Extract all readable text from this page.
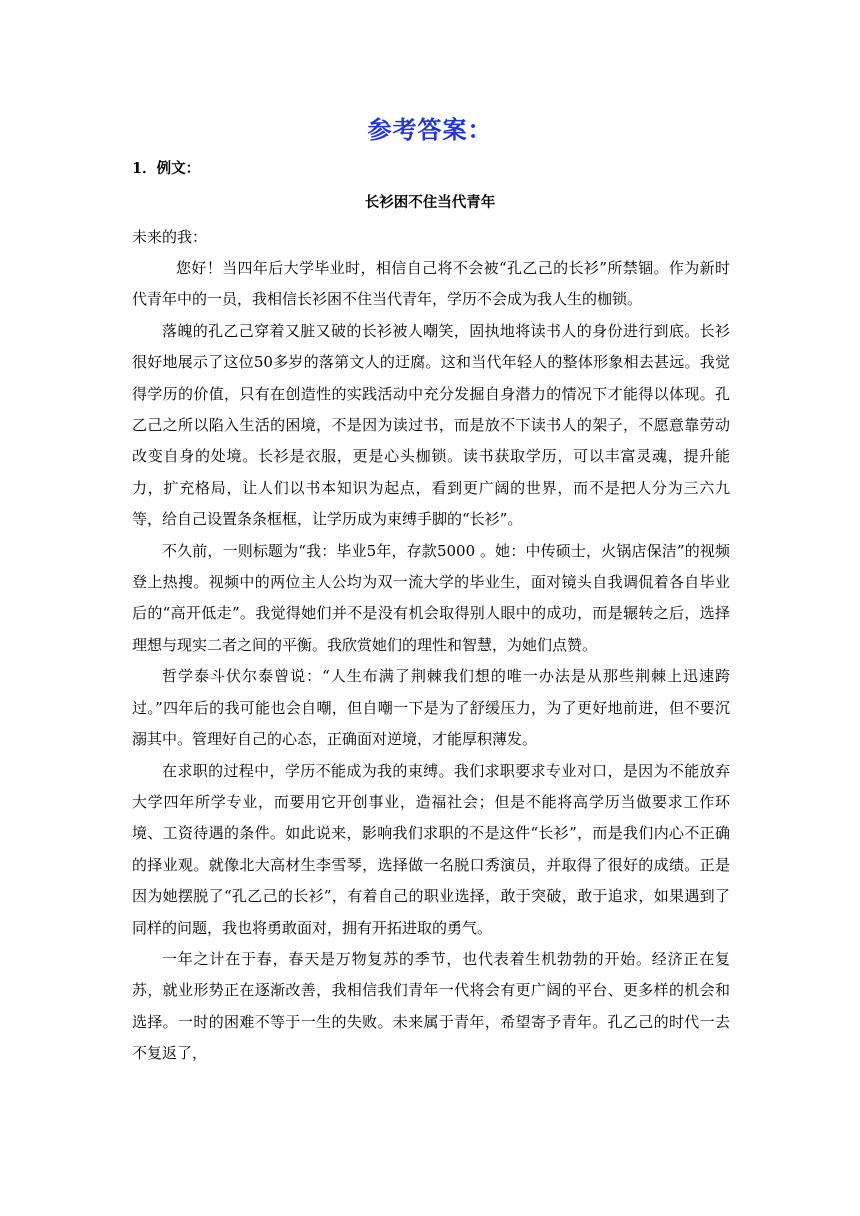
参考答案：
1．例文：
长衫困不住当代青年
未来的我：

您好！当四年后大学毕业时，相信自己将不会被“孔乙己的长衫”所禁锢。作为新时代青年中的一员，我相信长衫困不住当代青年，学历不会成为我人生的枷锁。

落魄的孔乙己穿着又脏又破的长衫被人嘲笑，固执地将读书人的身份进行到底。长衫很好地展示了这位50多岁的落第文人的迂腐。这和当代年轻人的整体形象相去甚远。我觉得学历的价值，只有在创造性的实践活动中充分发掘自身潜力的情况下才能得以体现。孔乙己之所以陷入生活的困境，不是因为读过书，而是放不下读书人的架子，不愿意靠劳动改变自身的处境。长衫是衣服，更是心头枷锁。读书获取学历，可以丰富灵魂，提升能力，扩充格局，让人们以书本知识为起点，看到更广阔的世界，而不是把人分为三六九等，给自己设置条条框框，让学历成为束缚手脚的“长衫”。

不久前，一则标题为“我：毕业5年，存款5000 。她：中传硕士，火锅店保洁”的视频登上热搜。视频中的两位主人公均为双一流大学的毕业生，面对镜头自我调侃着各自毕业后的“高开低走”。我觉得她们并不是没有机会取得别人眼中的成功，而是辗转之后，选择理想与现实二者之间的平衡。我欣赏她们的理性和智慧，为她们点赞。

哲学泰斗伏尔泰曾说：“人生布满了荆棘我们想的唯一办法是从那些荆棘上迅速跨过。”四年后的我可能也会自嘲，但自嘲一下是为了舒缓压力，为了更好地前进，但不要沉溺其中。管理好自己的心态，正确面对逆境，才能厚积薄发。

在求职的过程中，学历不能成为我的束缚。我们求职要求专业对口，是因为不能放弃大学四年所学专业，而要用它开创事业，造福社会；但是不能将高学历当做要求工作环境、工资待遇的条件。如此说来，影响我们求职的不是这件“长衫”，而是我们内心不正确的择业观。就像北大高材生李雪琴，选择做一名脱口秀演员，并取得了很好的成绩。正是因为她摆脱了“孔乙己的长衫”，有着自己的职业选择，敢于突破，敢于追求，如果遇到了同样的问题，我也将勇敢面对，拥有开拓进取的勇气。

一年之计在于春，春天是万物复苏的季节，也代表着生机勃勃的开始。经济正在复苏，就业形势正在逐渐改善，我相信我们青年一代将会有更广阔的平台、更多样的机会和选择。一时的困难不等于一生的失败。未来属于青年，希望寄予青年。孔乙己的时代一去不复返了，
